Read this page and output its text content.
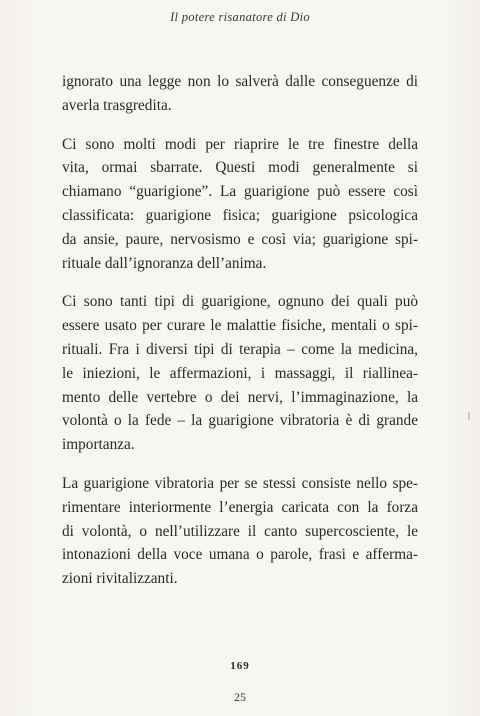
Il potere risanatore di Dio

ignorato una legge non lo salverà dalle conseguenze di
averla trasgredita.

Ci sono molti modi per riaprire le tre finestre della
vita, ormai sbarrate. Questi modi generalmente si
chiamano “guarigione”. La guarigione può essere così
classificata: guarigione fisica; guarigione psicologica
da ansie, paure, nervosismo e così via; guarigione spi-
rituale dall’ignoranza dell’anima.

Ci sono tanti tipi di guarigione, ognuno dei quali può
essere usato per curare le malattie fisiche, mentali o spi-
rituali. Fra i diversi tipi di terapia – come la medicina,
le iniezioni, le affermazioni, i massaggi, il riallinea-
mento delle vertebre o dei nervi, l’immaginazione, la
volontà o la fede – la guarigione vibratoria è di grande
importanza.

La guarigione vibratoria per se stessi consiste nello spe-
rimentare interiormente l’energia caricata con la forza
di volontà, o nell’utilizzare il canto supercosciente, le
intonazioni della voce umana o parole, frasi e afferma-
zioni rivitalizzanti.

169
25
